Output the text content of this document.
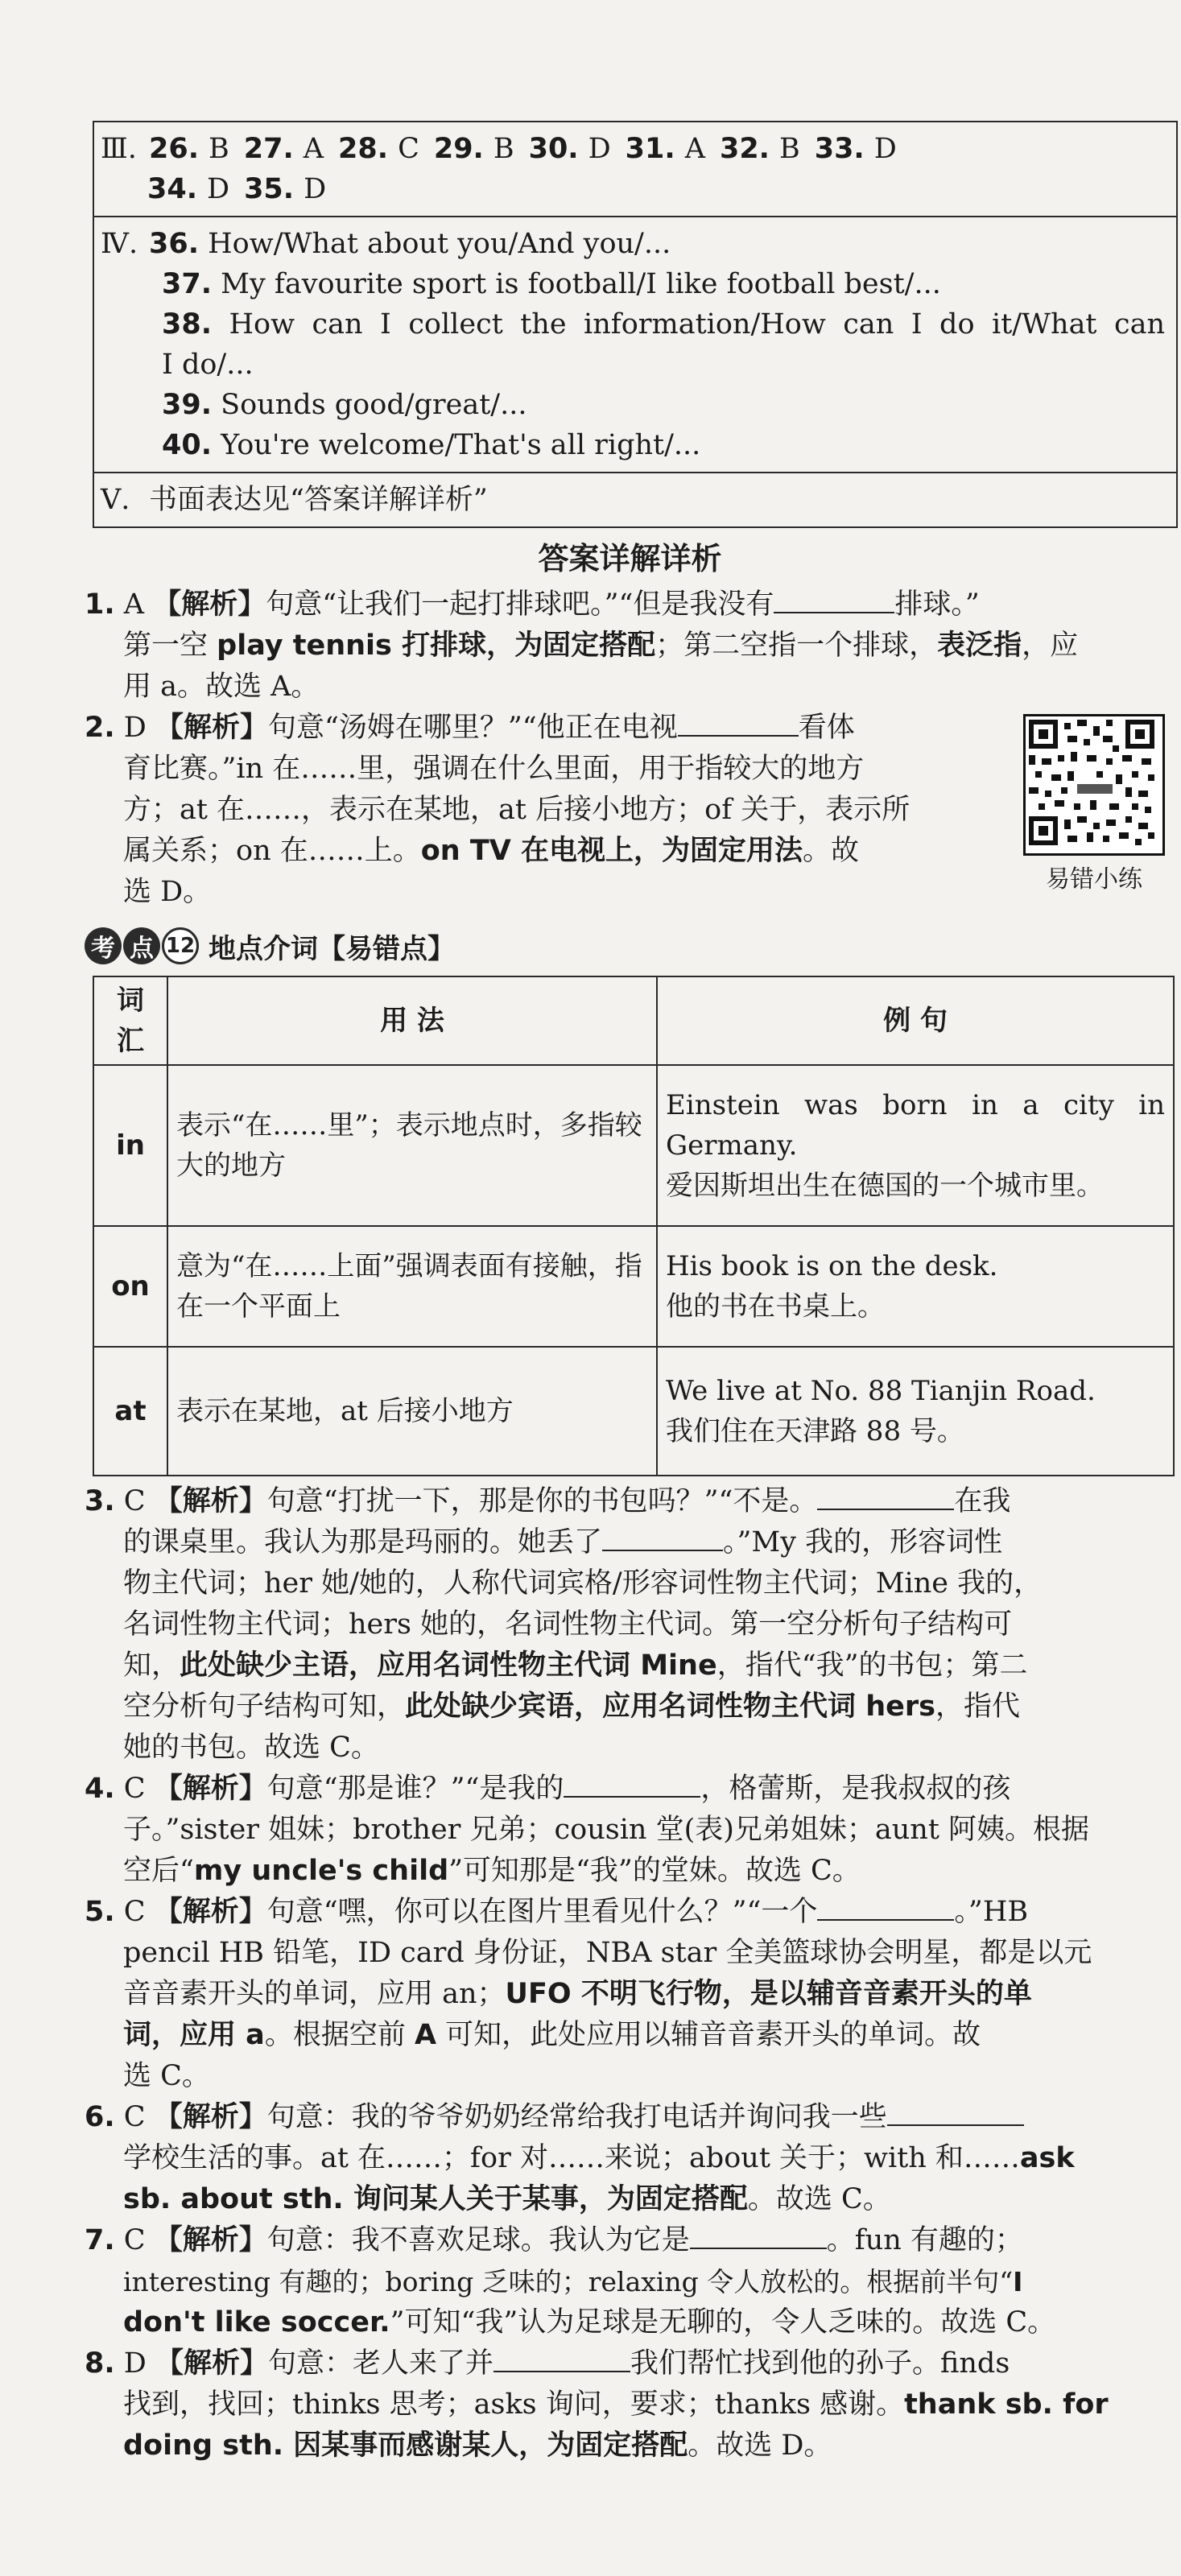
Ⅲ. 26. B 27. A 28. C 29. B 30. D 31. A 32. B 33. D
34. D 35. D
Ⅳ. 36. How/What about you/And you/...
37. My favourite sport is football/I like football best/...
38. How can I collect the information/How can I do it/What can
I do/...
39. Sounds good/great/...
40. You're welcome/That's all right/...
Ⅴ. 书面表达见“答案详解详析”
答案详解详析
1. A 【解析】句意“让我们一起打排球吧。”“但是我没有	排球。”
第一空 play tennis 打排球，为固定搭配；第二空指一个排球，表泛指，应
用 a。故选 A。
2. D 【解析】句意“汤姆在哪里？”“他正在电视	看体
育比赛。”in 在……里，强调在什么里面，用于指较大的地方
方；at 在……，表示在某地，at 后接小地方；of 关于，表示所
属关系；on 在……上。on TV 在电视上，为固定用法。故
选 D。	易错小练
考 点 12 地点介词【易错点】
词 汇	用 法	例 句
in	表示“在……里”；表示地点时，多指较大的地方	Einstein was born in a city in Germany.
爱因斯坦出生在德国的一个城市里。

on	意为“在……上面”强调表面有接触，指在一个平面上	His book is on the desk.
他的书在书桌上。

at	表示在某地，at 后接小地方	We live at No. 88 Tianjin Road.
我们住在天津路 88 号。
3. C 【解析】句意“打扰一下，那是你的书包吗？”“不是。	在我
的课桌里。我认为那是玛丽的。她丢了	。”My 我的，形容词性
物主代词；her 她/她的，人称代词宾格/形容词性物主代词；Mine 我的，
名词性物主代词；hers 她的，名词性物主代词。第一空分析句子结构可
知，此处缺少主语，应用名词性物主代词 Mine，指代“我”的书包；第二
空分析句子结构可知，此处缺少宾语，应用名词性物主代词 hers，指代
她的书包。故选 C。
4. C 【解析】句意“那是谁？”“是我的	，格蕾斯，是我叔叔的孩
子。”sister 姐妹；brother 兄弟；cousin 堂(表)兄弟姐妹；aunt 阿姨。根据
空后“my uncle's child”可知那是“我”的堂妹。故选 C。
5. C 【解析】句意“嘿，你可以在图片里看见什么？”“一个	。”HB
pencil HB 铅笔，ID card 身份证，NBA star 全美篮球协会明星，都是以元
音音素开头的单词，应用 an；UFO 不明飞行物，是以辅音音素开头的单
词，应用 a。根据空前 A 可知，此处应用以辅音音素开头的单词。故
选 C。
6. C 【解析】句意：我的爷爷奶奶经常给我打电话并询问我一些
学校生活的事。at 在……；for 对……来说；about 关于；with 和……ask
sb. about sth. 询问某人关于某事，为固定搭配。故选 C。
7. C 【解析】句意：我不喜欢足球。我认为它是	。fun 有趣的；
interesting 有趣的；boring 乏味的；relaxing 令人放松的。根据前半句“I
don't like soccer.”可知“我”认为足球是无聊的，令人乏味的。故选 C。
8. D 【解析】句意：老人来了并	我们帮忙找到他的孙子。finds
找到，找回；thinks 思考；asks 询问，要求；thanks 感谢。thank sb. for
doing sth. 因某事而感谢某人，为固定搭配。故选 D。
